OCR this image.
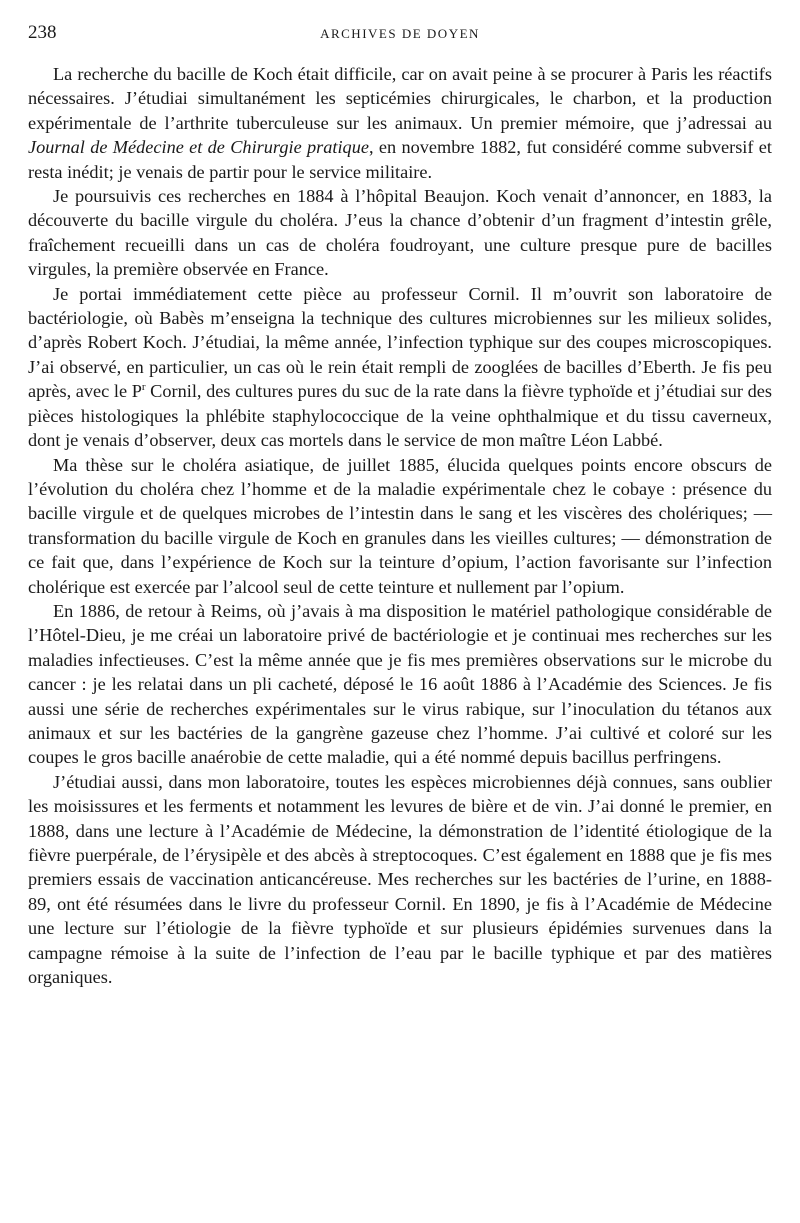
238	ARCHIVES DE DOYEN

La recherche du bacille de Koch était difficile, car on avait peine à se procurer à Paris les réactifs nécessaires. J’étudiai simultanément les septicémies chirurgicales, le charbon, et la production expérimentale de l’arthrite tuberculeuse sur les animaux. Un premier mémoire, que j’adressai au Journal de Médecine et de Chirurgie pratique, en novembre 1882, fut considéré comme subversif et resta inédit; je venais de partir pour le service militaire.

Je poursuivis ces recherches en 1884 à l’hôpital Beaujon. Koch venait d’annoncer, en 1883, la découverte du bacille virgule du choléra. J’eus la chance d’obtenir d’un fragment d’intestin grêle, fraîchement recueilli dans un cas de choléra foudroyant, une culture presque pure de bacilles virgules, la première observée en France.

Je portai immédiatement cette pièce au professeur Cornil. Il m’ouvrit son laboratoire de bactériologie, où Babès m’enseigna la technique des cultures microbiennes sur les milieux solides, d’après Robert Koch. J’étudiai, la même année, l’infection typhique sur des coupes microscopiques. J’ai observé, en particulier, un cas où le rein était rempli de zooglées de bacilles d’Eberth. Je fis peu après, avec le $P^r$ Cornil, des cultures pures du suc de la rate dans la fièvre typhoïde et j’étudiai sur des pièces histologiques la phlébite staphylococcique de la veine ophthalmique et du tissu caverneux, dont je venais d’observer, deux cas mortels dans le service de mon maître Léon Labbé.

Ma thèse sur le choléra asiatique, de juillet 1885, élucida quelques points encore obscurs de l’évolution du choléra chez l’homme et de la maladie expérimentale chez le cobaye : présence du bacille virgule et de quelques microbes de l’intestin dans le sang et les viscères des cholériques; — transformation du bacille virgule de Koch en granules dans les vieilles cultures; — démonstration de ce fait que, dans l’expérience de Koch sur la teinture d’opium, l’action favorisante sur l’infection cholérique est exercée par l’alcool seul de cette teinture et nullement par l’opium.

En 1886, de retour à Reims, où j’avais à ma disposition le matériel pathologique considérable de l’Hôtel-Dieu, je me créai un laboratoire privé de bactériologie et je continuai mes recherches sur les maladies infectieuses. C’est la même année que je fis mes premières observations sur le microbe du cancer : je les relatai dans un pli cacheté, déposé le 16 août 1886 à l’Académie des Sciences. Je fis aussi une série de recherches expérimentales sur le virus rabique, sur l’inoculation du tétanos aux animaux et sur les bactéries de la gangrène gazeuse chez l’homme. J’ai cultivé et coloré sur les coupes le gros bacille anaérobie de cette maladie, qui a été nommé depuis bacillus perfringens.

J’étudiai aussi, dans mon laboratoire, toutes les espèces microbiennes déjà connues, sans oublier les moisissures et les ferments et notamment les levures de bière et de vin. J’ai donné le premier, en 1888, dans une lecture à l’Académie de Médecine, la démonstration de l’identité étiologique de la fièvre puerpérale, de l’érysipèle et des abcès à streptocoques. C’est également en 1888 que je fis mes premiers essais de vaccination anticancéreuse. Mes recherches sur les bactéries de l’urine, en 1888-89, ont été résumées dans le livre du professeur Cornil. En 1890, je fis à l’Académie de Médecine une lecture sur l’étiologie de la fièvre typhoïde et sur plusieurs épidémies survenues dans la campagne rémoise à la suite de l’infection de l’eau par le bacille typhique et par des matières organiques.
